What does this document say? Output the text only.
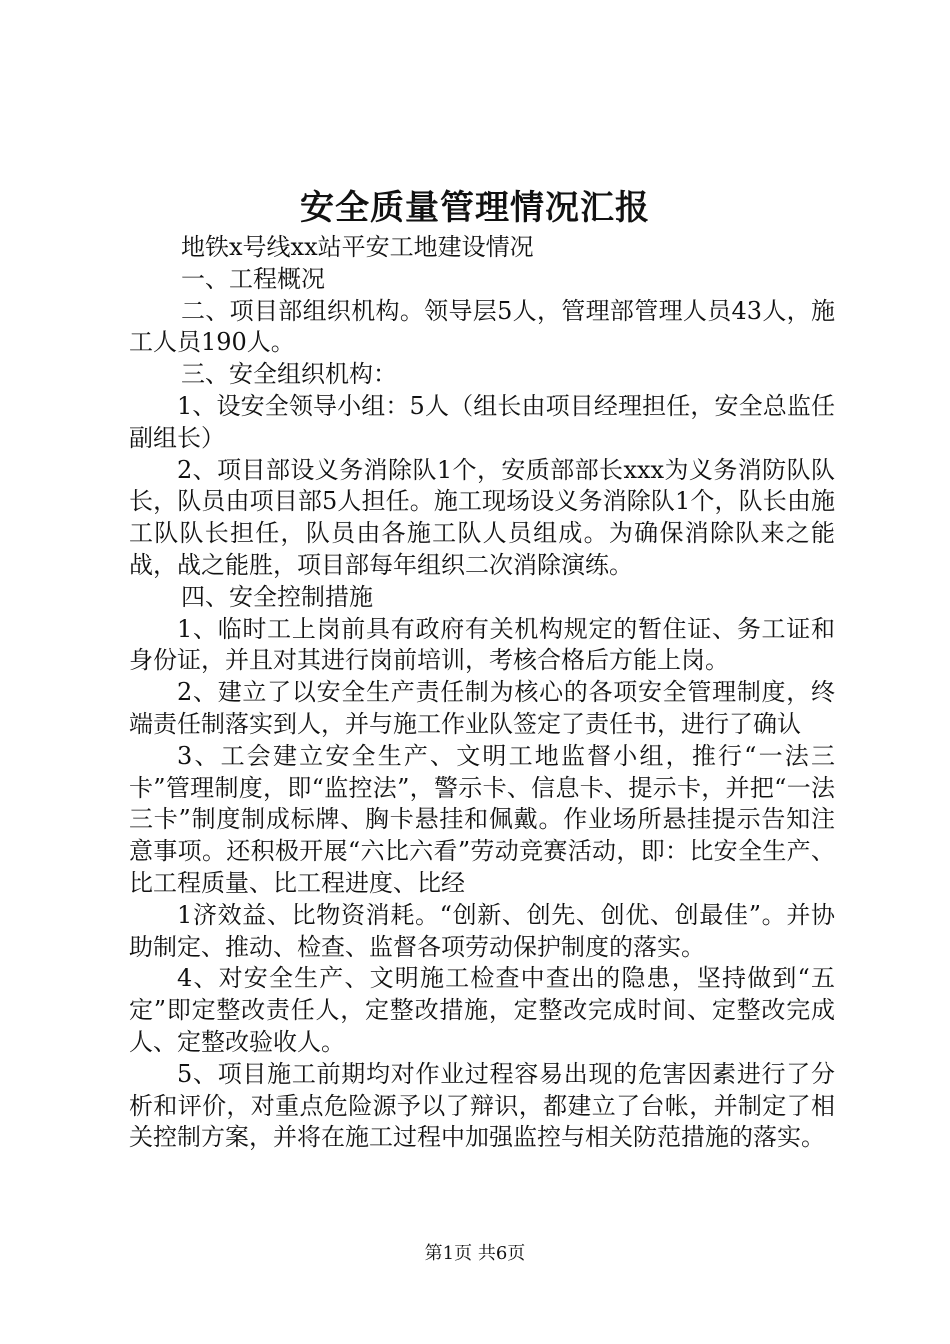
安全质量管理情况汇报

地铁x号线xx站平安工地建设情况

一、工程概况

二、项目部组织机构。领导层5人，管理部管理人员43人，施工人员190人。

三、安全组织机构：

1、设安全领导小组：5人（组长由项目经理担任，安全总监任副组长）

2、项目部设义务消除队1个，安质部部长xxx为义务消防队队长，队员由项目部5人担任。施工现场设义务消除队1个，队长由施工队队长担任，队员由各施工队人员组成。为确保消除队来之能战，战之能胜，项目部每年组织二次消除演练。

四、安全控制措施

1、临时工上岗前具有政府有关机构规定的暂住证、务工证和身份证，并且对其进行岗前培训，考核合格后方能上岗。

2、建立了以安全生产责任制为核心的各项安全管理制度，终端责任制落实到人，并与施工作业队签定了责任书，进行了确认

3、工会建立安全生产、文明工地监督小组，推行“一法三卡”管理制度，即“监控法”，警示卡、信息卡、提示卡，并把“一法三卡”制度制成标牌、胸卡悬挂和佩戴。作业场所悬挂提示告知注意事项。还积极开展“六比六看”劳动竞赛活动，即：比安全生产、比工程质量、比工程进度、比经

1济效益、比物资消耗。“创新、创先、创优、创最佳”。并协助制定、推动、检查、监督各项劳动保护制度的落实。

4、对安全生产、文明施工检查中查出的隐患，坚持做到“五定”即定整改责任人，定整改措施，定整改完成时间、定整改完成人、定整改验收人。

5、项目施工前期均对作业过程容易出现的危害因素进行了分析和评价，对重点危险源予以了辩识，都建立了台帐，并制定了相关控制方案，并将在施工过程中加强监控与相关防范措施的落实。

第1页 共6页
